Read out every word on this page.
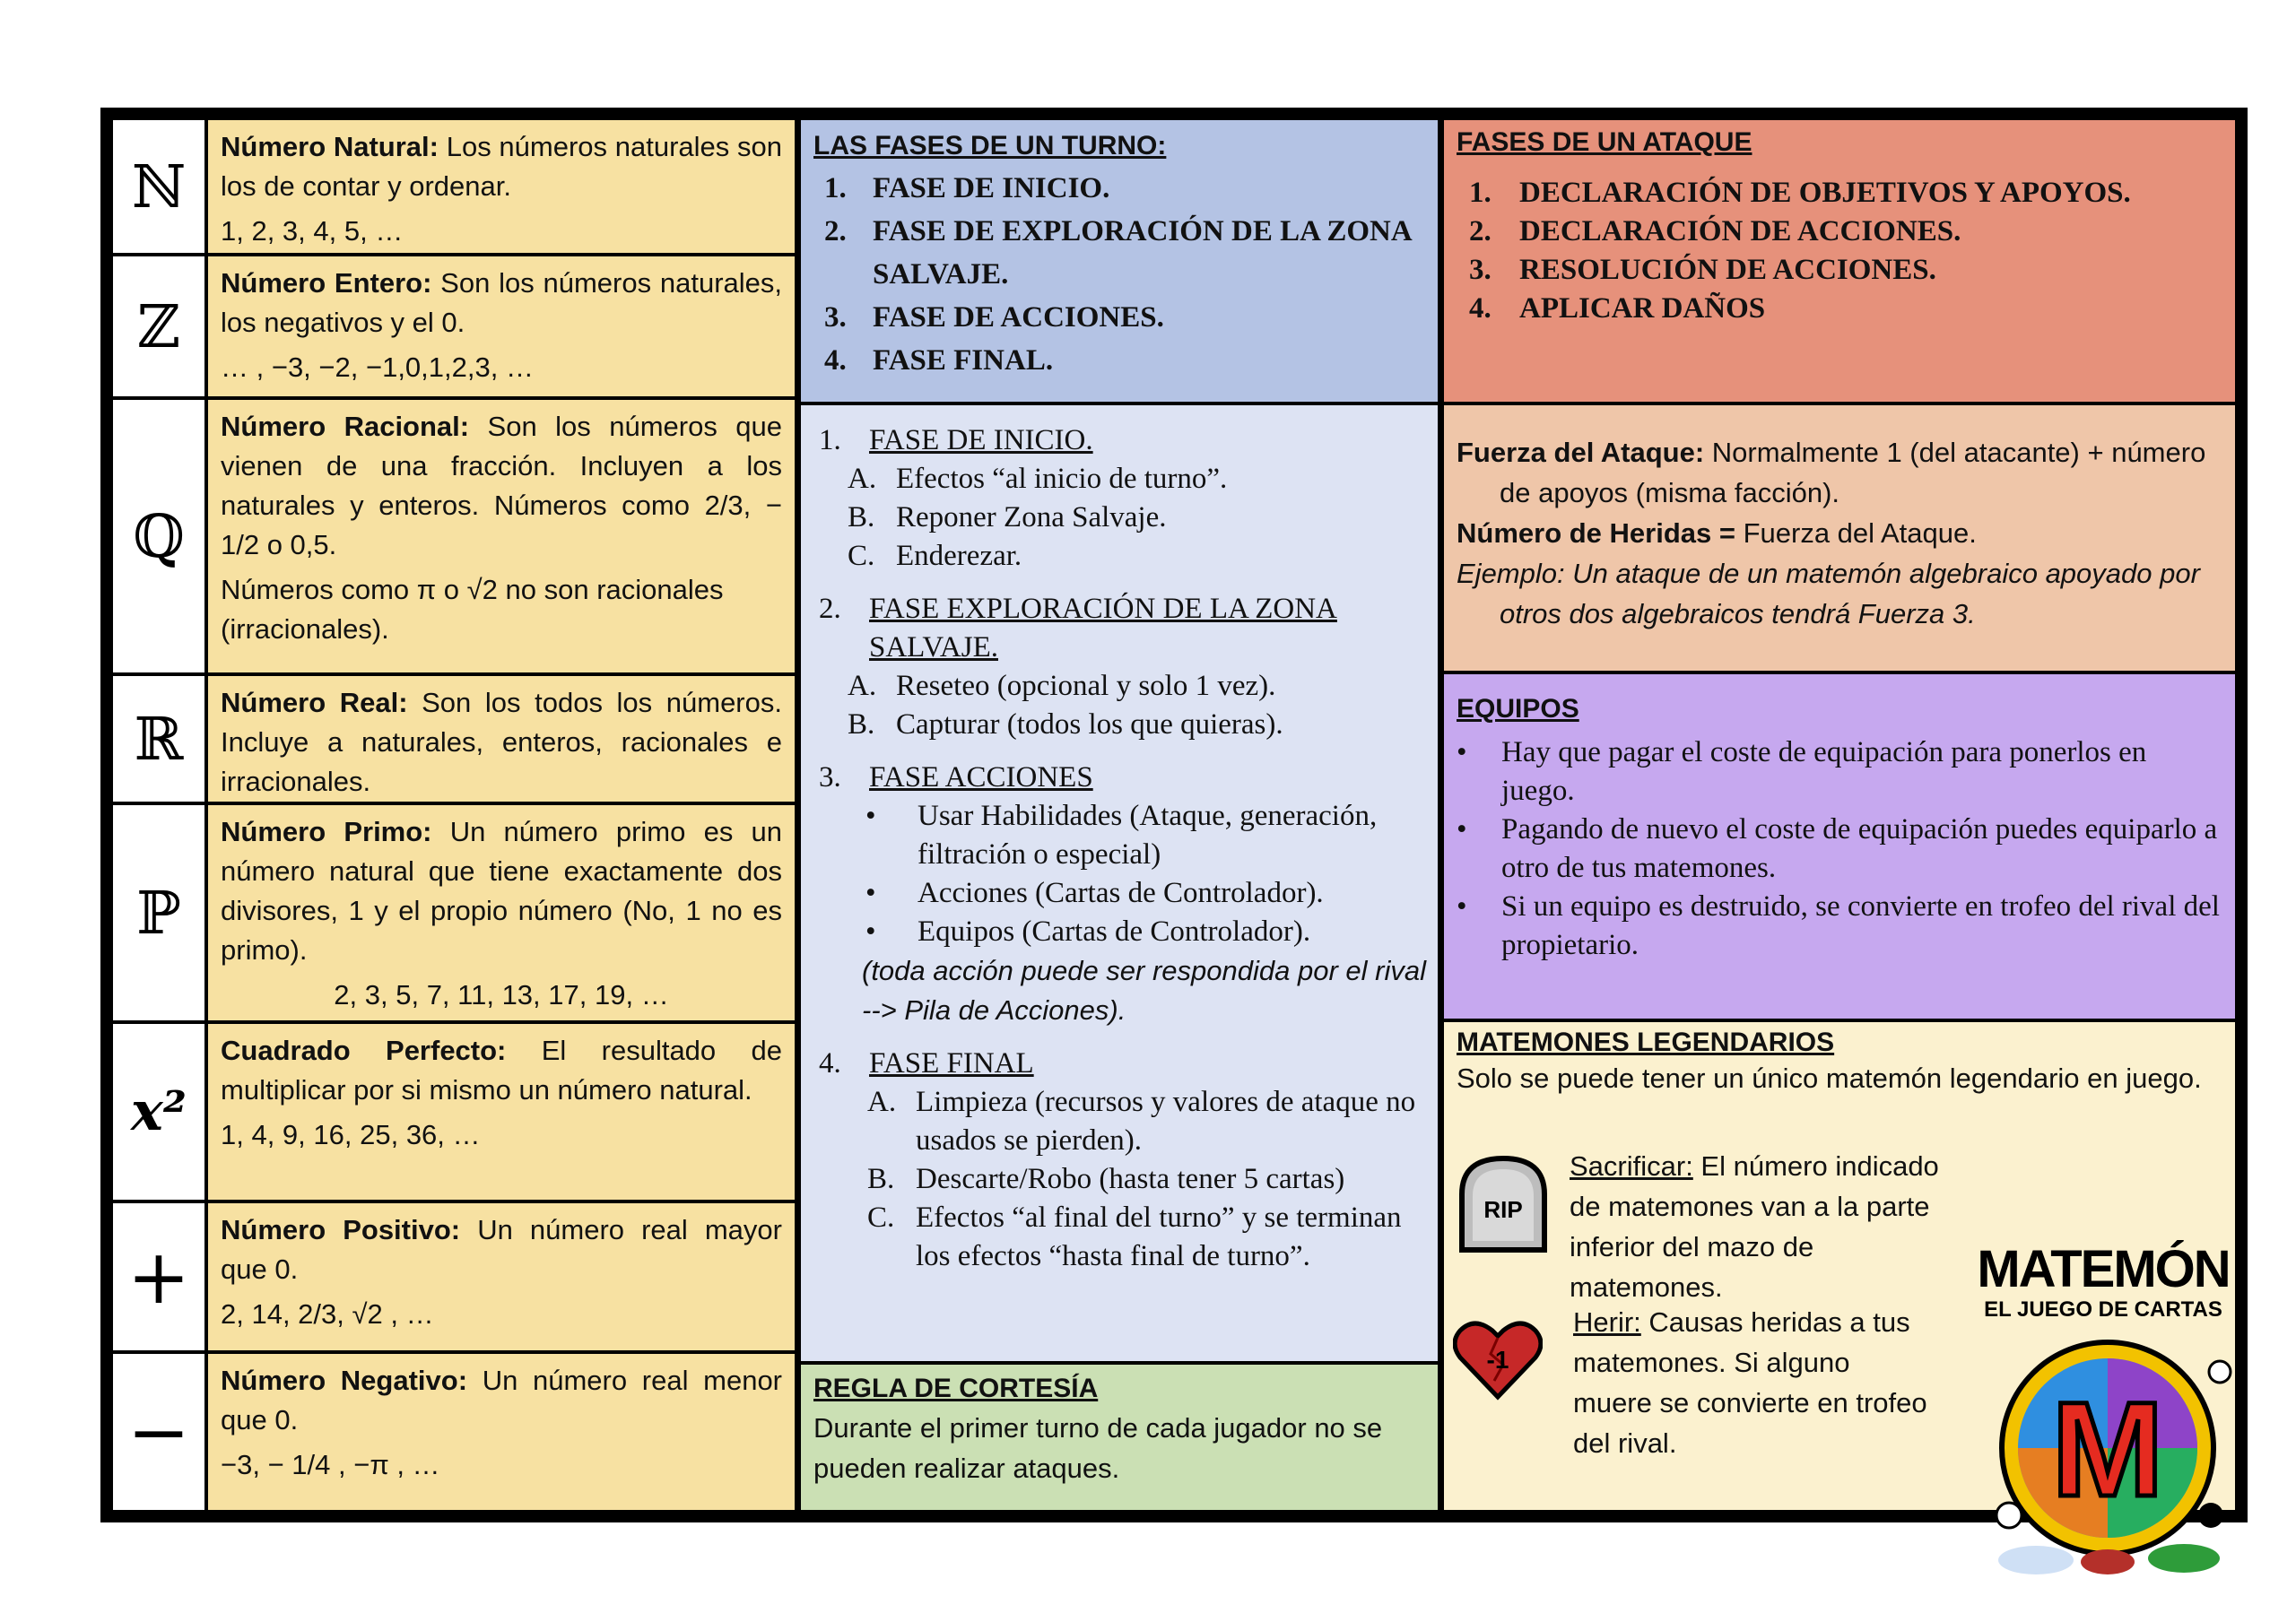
ℕ
Número Natural: Los números naturales son los de contar y ordenar.
1, 2, 3, 4, 5, …
ℤ
Número Entero: Son los números naturales, los negativos y el 0.
… , −3, −2, −1,0,1,2,3, …
ℚ
Número Racional: Son los números que vienen de una fracción. Incluyen a los naturales y enteros. Números como 2/3, − 1/2 o 0,5.
Números como π o √2 no son racionales (irracionales).
ℝ
Número Real: Son los todos los números. Incluye a naturales, enteros, racionales e irracionales.
ℙ
Número Primo: Un número primo es un número natural que tiene exactamente dos divisores, 1 y el propio número (No, 1 no es primo).
2, 3, 5, 7, 11, 13, 17, 19, …
x²
Cuadrado Perfecto: El resultado de multiplicar por si mismo un número natural.
1, 4, 9, 16, 25, 36, …
+
Número Positivo: Un número real mayor que 0.
2, 14, 2/3, √2 , …
−
Número Negativo: Un número real menor que 0.
−3, − 1/4 , −π , …
LAS FASES DE UN TURNO:
1. FASE DE INICIO.
2. FASE DE EXPLORACIÓN DE LA ZONA SALVAJE.
3. FASE DE ACCIONES.
4. FASE FINAL.
1. FASE DE INICIO.
A. Efectos “al inicio de turno”.
B. Reponer Zona Salvaje.
C. Enderezar.
2. FASE EXPLORACIÓN DE LA ZONA SALVAJE.
A. Reseteo (opcional y solo 1 vez).
B. Capturar (todos los que quieras).
3. FASE ACCIONES
•	Usar Habilidades (Ataque, generación, filtración o especial)
•	Acciones (Cartas de Controlador).
•	Equipos (Cartas de Controlador).
(toda acción puede ser respondida por el rival --> Pila de Acciones).
4. FASE FINAL
A. Limpieza (recursos y valores de ataque no usados se pierden).
B. Descarte/Robo (hasta tener 5 cartas)
C. Efectos “al final del turno” y se terminan los efectos “hasta final de turno”.
REGLA DE CORTESÍA
Durante el primer turno de cada jugador no se pueden realizar ataques.
FASES DE UN ATAQUE
1. DECLARACIÓN DE OBJETIVOS Y APOYOS.
2. DECLARACIÓN DE ACCIONES.
3. RESOLUCIÓN DE ACCIONES.
4. APLICAR DAÑOS
Fuerza del Ataque: Normalmente 1 (del atacante) + número de apoyos (misma facción).
Número de Heridas = Fuerza del Ataque.
Ejemplo: Un ataque de un matemón algebraico apoyado por otros dos algebraicos tendrá Fuerza 3.
EQUIPOS
•	Hay que pagar el coste de equipación para ponerlos en juego.
•	Pagando de nuevo el coste de equipación puedes equiparlo a otro de tus matemones.
•	Si un equipo es destruido, se convierte en trofeo del rival del propietario.
MATEMONES LEGENDARIOS
Solo se puede tener un único matemón legendario en juego.
RIP
Sacrificar: El número indicado de matemones van a la parte inferior del mazo de matemones.
-1
Herir: Causas heridas a tus matemones. Si alguno muere se convierte en trofeo del rival.
MATEMÓN
EL JUEGO DE CARTAS
M
